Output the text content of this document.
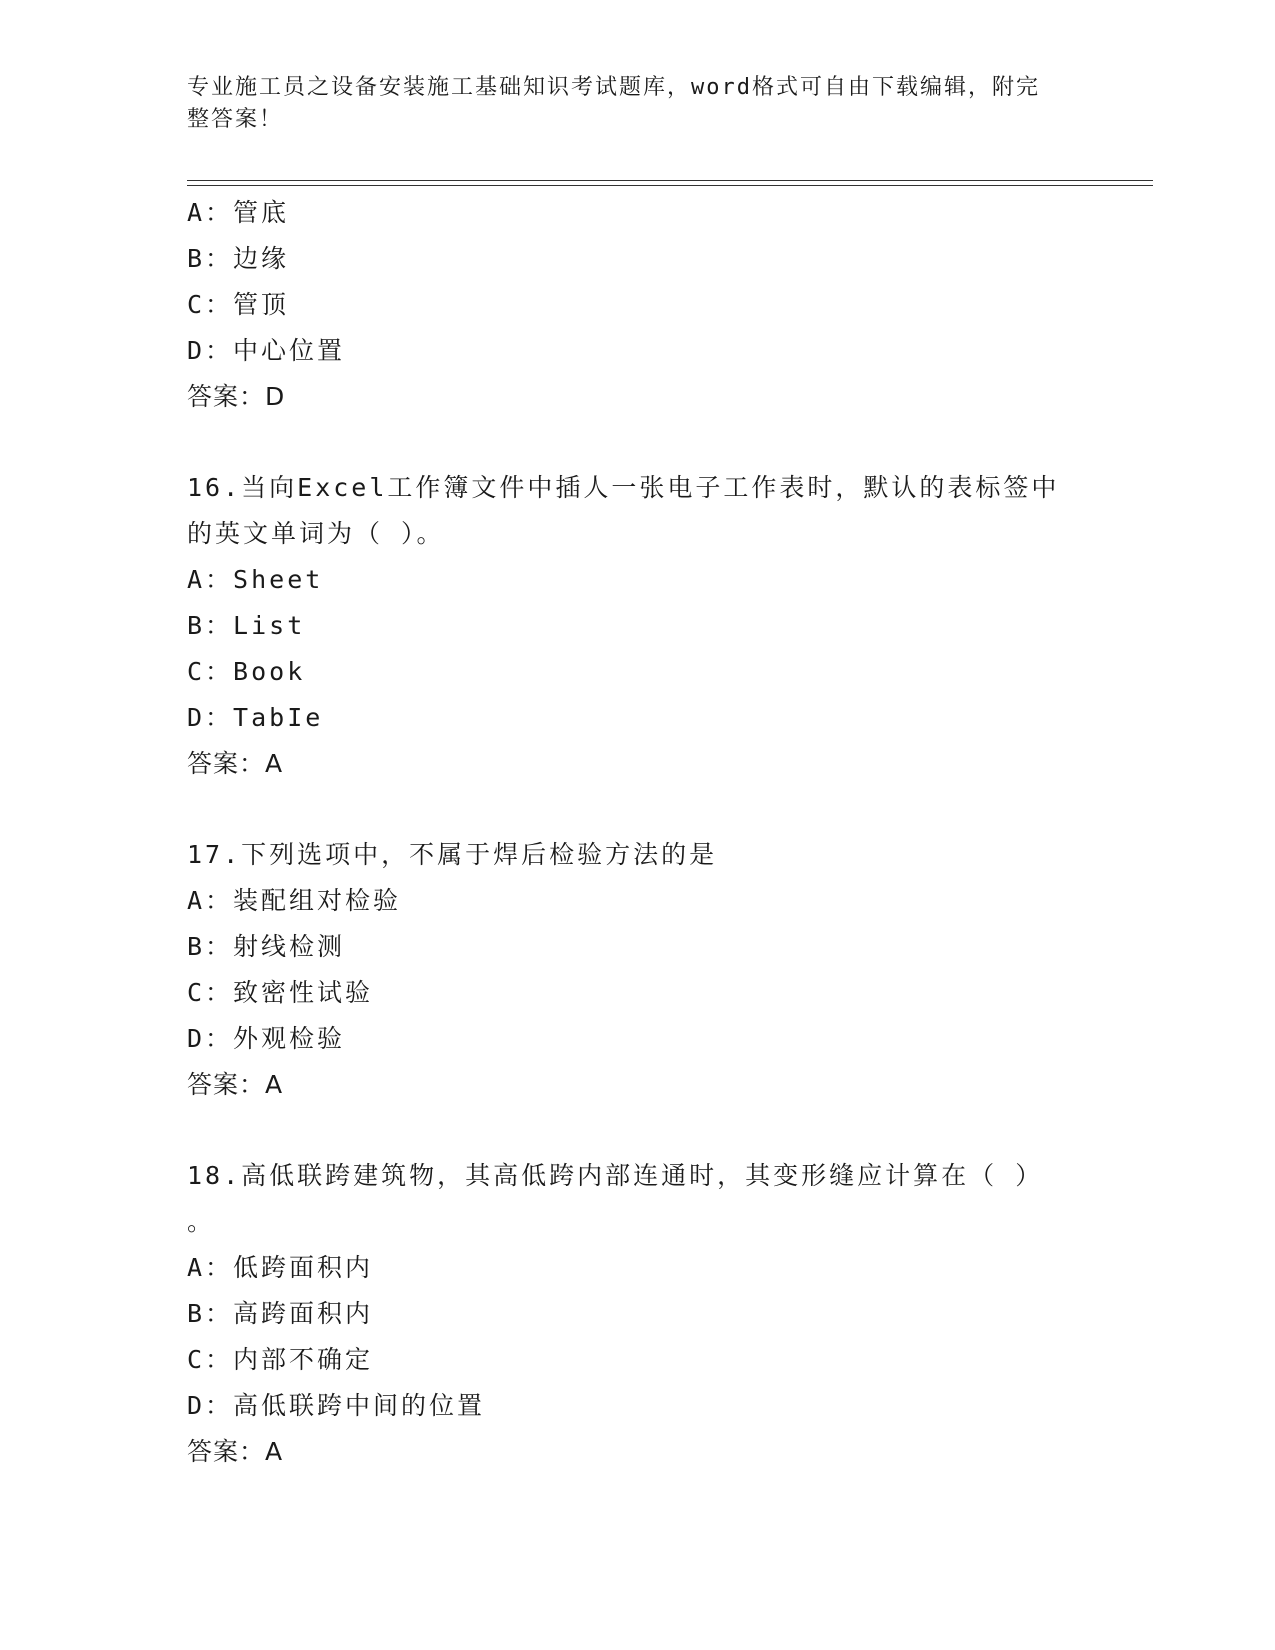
专业施工员之设备安装施工基础知识考试题库，word格式可自由下载编辑，附完
整答案！
A：管底
B：边缘
C：管顶
D：中心位置
答案：D
16.当向Excel工作簿文件中插人一张电子工作表时，默认的表标签中
的英文单词为（ ）。
A：Sheet
B：List
C：Book
D：TabIe
答案：A
17.下列选项中，不属于焊后检验方法的是
A：装配组对检验
B：射线检测
C：致密性试验
D：外观检验
答案：A
18.高低联跨建筑物，其高低跨内部连通时，其变形缝应计算在（ ）
。
A：低跨面积内
B：高跨面积内
C：内部不确定
D：高低联跨中间的位置
答案：A
